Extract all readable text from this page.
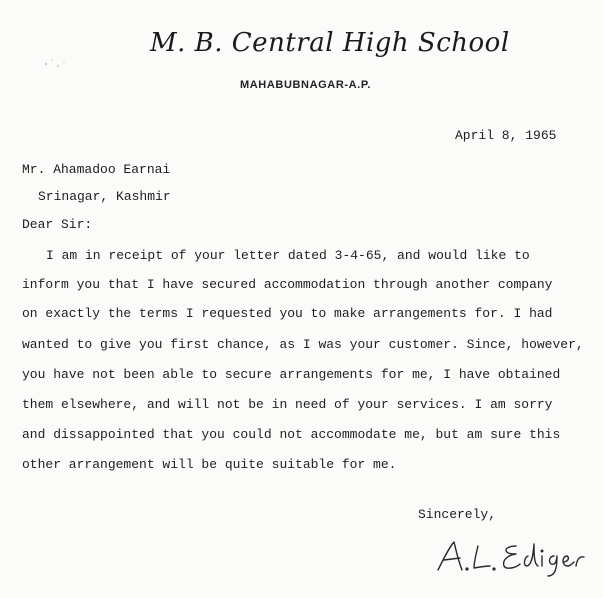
M. B. Central High School
MAHABUBNAGAR-A.P.
April 8, 1965
Mr. Ahamadoo Earnai
Srinagar, Kashmir
Dear Sir:
I am in receipt of your letter dated 3-4-65, and would like to
inform you that I have secured accommodation through another company
on exactly the terms I requested you to make arrangements for. I had
wanted to give you first chance, as I was your customer. Since, however,
you have not been able to secure arrangements for me, I have obtained
them elsewhere, and will not be in need of your services. I am sorry
and dissappointed that you could not accommodate me, but am sure this
other arrangement will be quite suitable for me.
Sincerely,
